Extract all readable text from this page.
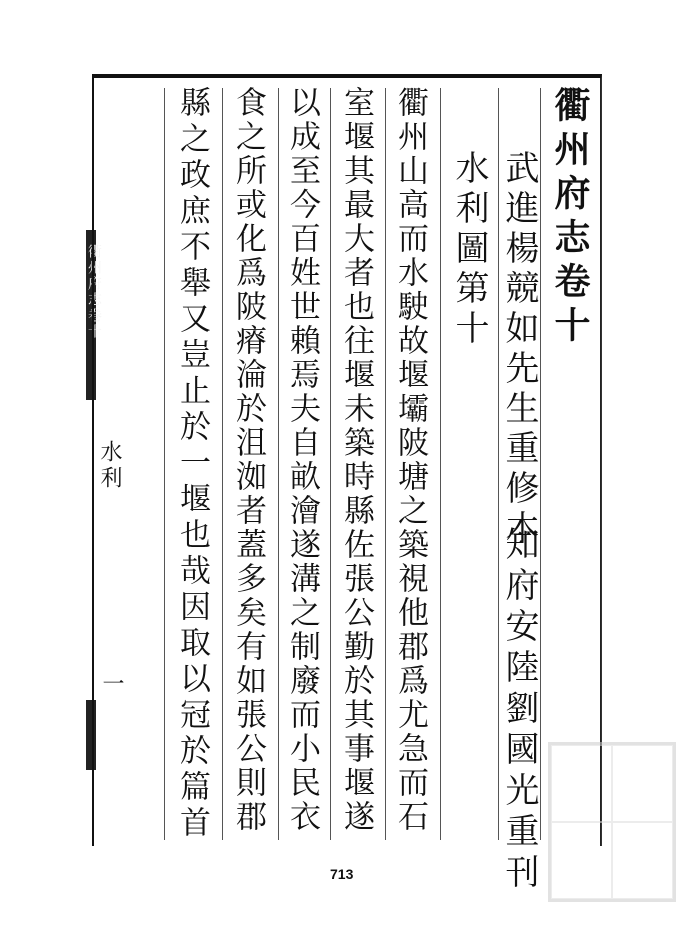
衢州府志卷十
水利
一
衢州府志卷十
武進楊競如先生重修本
知府安陸劉國光重刊
水利圖第十
衢州山高而水駛故堰壩陂塘之築視他郡爲尤急而石
室堰其最大者也往堰未築時縣佐張公勤於其事堰遂
以成至今百姓世賴焉夫自畝澮遂溝之制廢而小民衣
食之所或化爲陂瘠淪於沮洳者蓋多矣有如張公則郡
縣之政庶不舉又豈止於一堰也哉因取以冠於篇首
713
